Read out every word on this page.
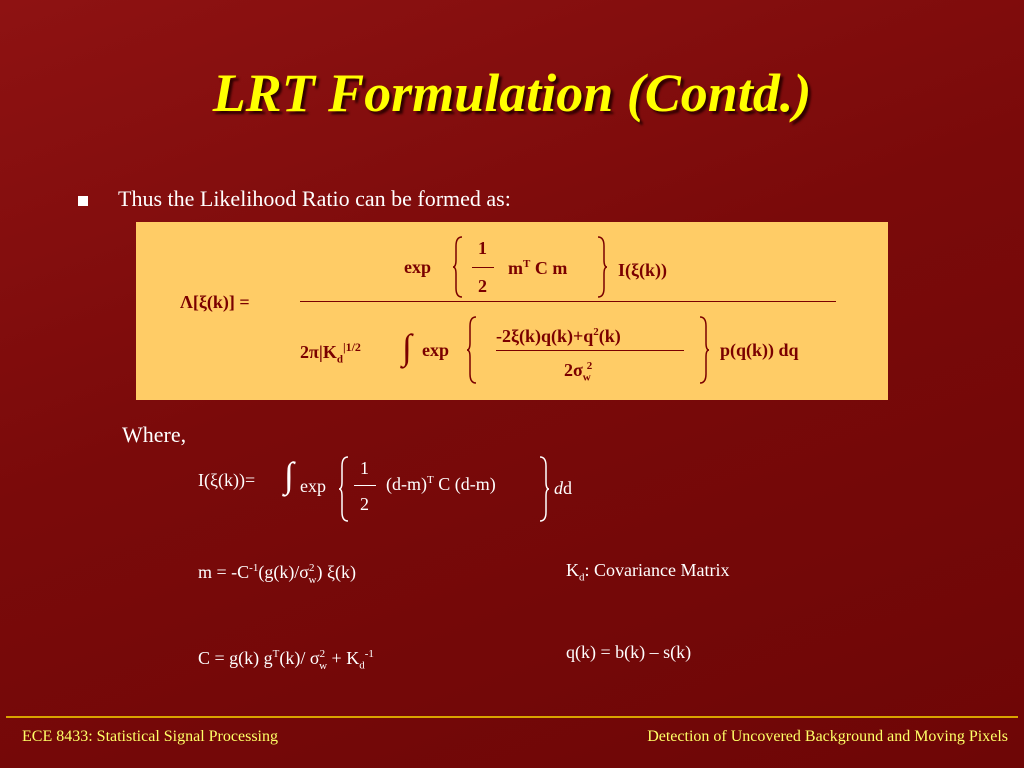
LRT Formulation (Contd.)
Thus the Likelihood Ratio can be formed as:
Λ[ξ(k)] =
exp
1
2
$m^T$ C m	I(ξ(k))
$2\pi|K_d^{|1/2}$ ∫ exp
$-2\xi(k)q(k)+q^2(k)$
$2\sigma_w^2$
p(q(k)) dq
Where,
I(ξ(k))= ∫ exp
1
2
$(d-m)^T$ C (d-m)	dd
$m = -C^{-1}(g(k)/\sigma^2_w)$ ξ(k)	$K_d$: Covariance Matrix
C = g(k) $g^T(k)/$ $\sigma^2_w + K_d^{-1}$	q(k) = b(k) – s(k)
ECE 8433: Statistical Signal Processing	Detection of Uncovered Background and Moving Pixels
